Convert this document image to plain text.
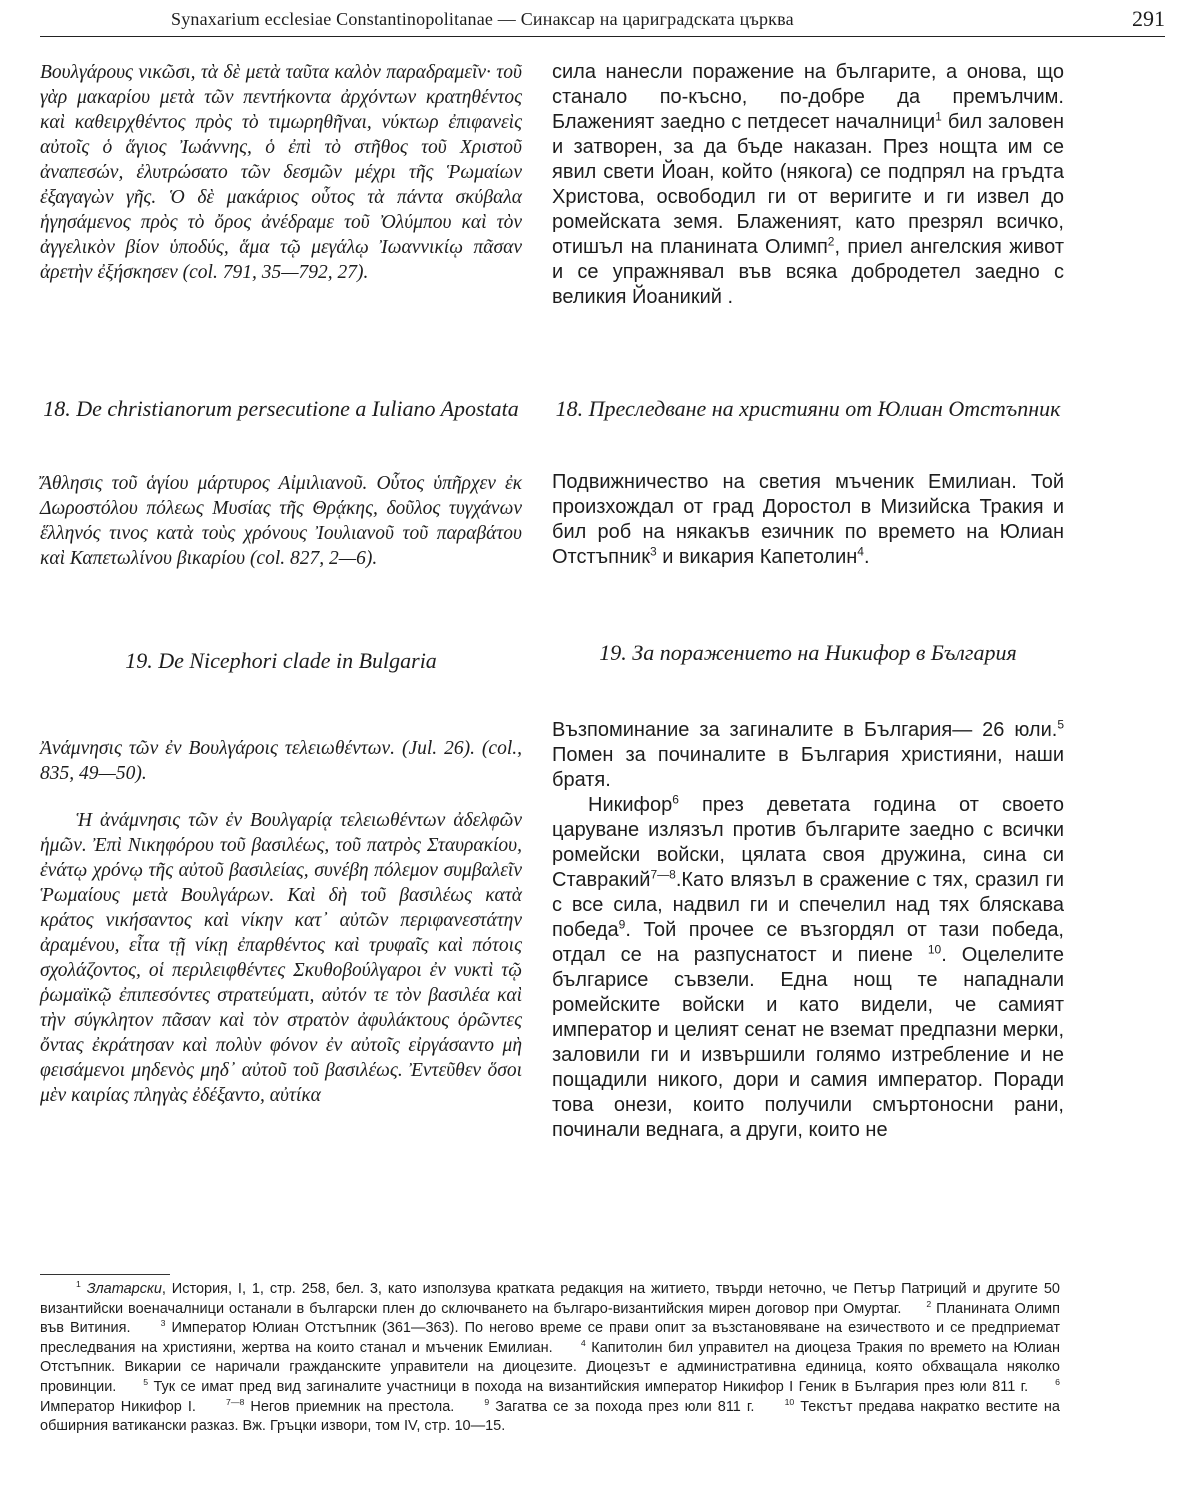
Synaxarium ecclesiae Constantinopolitanae — Синаксар на цариградската църква	291

Βουλγάρους νικῶσι, τὰ δὲ μετὰ ταῦτα καλὸν παραδραμεῖν· τοῦ γὰρ μακαρίου μετὰ τῶν πεντήκοντα ἀρχόντων κρατηθέντος καὶ καθειρχθέντος πρὸς τὸ τιμωρηθῆναι, νύκτωρ ἐπιφανεὶς αὐτοῖς ὁ ἅγιος Ἰωάννης, ὁ ἐπὶ τὸ στῆθος τοῦ Χριστοῦ ἀναπεσών, ἐλυτρώσατο τῶν δεσμῶν μέχρι τῆς Ῥωμαίων ἐξαγαγὼν γῆς. Ὁ δὲ μακάριος οὗτος τὰ πάντα σκύβαλα ἡγησάμενος πρὸς τὸ ὄρος ἀνέδραμε τοῦ Ὀλύμπου καὶ τὸν ἀγγελικὸν βίον ὑποδύς, ἅμα τῷ μεγάλῳ Ἰωαννικίῳ πᾶσαν ἀρετὴν ἐξήσκησεν (col. 791, 35—792, 27).

18. De christianorum persecutione a Iuliano Apostata

Ἄθλησις τοῦ ἁγίου μάρτυρος Αἰμιλιανοῦ. Οὗτος ὑπῆρχεν ἐκ Δωροστόλου πόλεως Μυσίας τῆς Θρᾴκης, δοῦλος τυγχάνων ἕλληνός τινος κατὰ τοὺς χρόνους Ἰουλιανοῦ τοῦ παραβάτου καὶ Καπετωλίνου βικαρίου (col. 827, 2—6).

19. De Nicephori clade in Bulgaria

Ἀνάμνησις τῶν ἐν Βουλγάροις τελειωθέντων. (Jul. 26). (col., 835, 49—50).

Ἡ ἀνάμνησις τῶν ἐν Βουλγαρίᾳ τελειωθέντων ἀδελφῶν ἡμῶν. Ἐπὶ Νικηφόρου τοῦ βασιλέως, τοῦ πατρὸς Σταυρακίου, ἐνάτῳ χρόνῳ τῆς αὐτοῦ βασιλείας, συνέβη πόλεμον συμβαλεῖν Ῥωμαίους μετὰ Βουλγάρων. Καὶ δὴ τοῦ βασιλέως κατὰ κράτος νικήσαντος καὶ νίκην κατ᾽ αὐτῶν περιφανεστάτην ἀραμένου, εἶτα τῇ νίκῃ ἐπαρθέντος καὶ τρυφαῖς καὶ πότοις σχολάζοντος, οἱ περιλειφθέντες Σκυθοβούλγαροι ἐν νυκτὶ τῷ ῥωμαϊκῷ ἐπιπεσόντες στρατεύματι, αὐτόν τε τὸν βασιλέα καὶ τὴν σύγκλητον πᾶσαν καὶ τὸν στρατὸν ἀφυλάκτους ὁρῶντες ὄντας ἐκράτησαν καὶ πολὺν φόνον ἐν αὐτοῖς εἰργάσαντο μὴ φεισάμενοι μηδενὸς μηδ᾽ αὐτοῦ τοῦ βασιλέως. Ἐντεῦθεν ὅσοι μὲν καιρίας πληγὰς ἐδέξαντο, αὐτίκα

сила нанесли поражение на българите, а онова, що станало по-късно, по-добре да премълчим. Блаженият заедно с петдесет началници$^1$ бил заловен и затворен, за да бъде наказан. През нощта им се явил свети Йоан, който (някога) се подпрял на гръдта Христова, освободил ги от веригите и ги извел до ромейската земя. Блаженият, като презрял всичко, отишъл на планината Олимп$^2$, приел ангелския живот и се упражнявал във всяка добродетел заедно с великия Йоаникий .

18. Преследване на християни от Юлиан Отстъпник

Подвижничество на светия мъченик Емилиан. Той произхождал от град Доростол в Мизийска Тракия и бил роб на някакъв езичник по времето на Юлиан Отстъпник$^3$ и викария Капетолин$^4$.

19. За поражението на Никифор в България

Възпоминание за загиналите в България— 26 юли.$^5$ Помен за починалите в България християни, наши братя.

Никифор$^6$ през деветата година от своето царуване излязъл против българите заедно с всички ромейски войски, цялата своя дружина, сина си Ставракий$^{7—8}$.Като влязъл в сражение с тях, сразил ги с все сила, надвил ги и спечелил над тях бляскава победа$^9$. Той прочее се възгордял от тази победа, отдал се на разпуснатост и пиене $^{10}$. Оцелелите българисе съвзели. Една нощ те нападнали ромейските войски и като видели, че самият император и целият сенат не вземат предпазни мерки, заловили ги и извършили голямо изтребление и не пощадили никого, дори и самия император. Поради това онези, които получили смъртоносни рани, починали веднага, а други, които не

$^1$ Златарски, История, I, 1, стр. 258, бел. 3, като използува кратката редакция на житието, твърди неточно, че Петър Патриций и другите 50 византийски военачалници останали в български плен до сключването на българо-византийския мирен договор при Омуртаг.	$^2$ Планината Олимп във Витиния.	$^3$ Император Юлиан Отстъпник (361—363). По негово време се прави опит за възстановяване на езичеството и се предприемат преследвания на християни, жертва на които станал и мъченик Емилиан.	$^4$ Капитолин бил управител на диоцеза Тракия по времето на Юлиан Отстъпник. Викарии се наричали гражданските управители на диоцезите. Диоцезът е административна единица, която обхващала няколко провинции.	$^5$ Тук се имат пред вид загиналите участници в похода на византийския император Никифор I Геник в България през юли 811 г.	$^6$ Император Никифор I.	$^{7—8}$ Негов приемник на престола.	$^9$ Загатва се за похода през юли 811 г.	$^{10}$ Текстът предава накратко вестите на обширния ватикански разказ. Вж. Гръцки извори, том IV, стр. 10—15.
